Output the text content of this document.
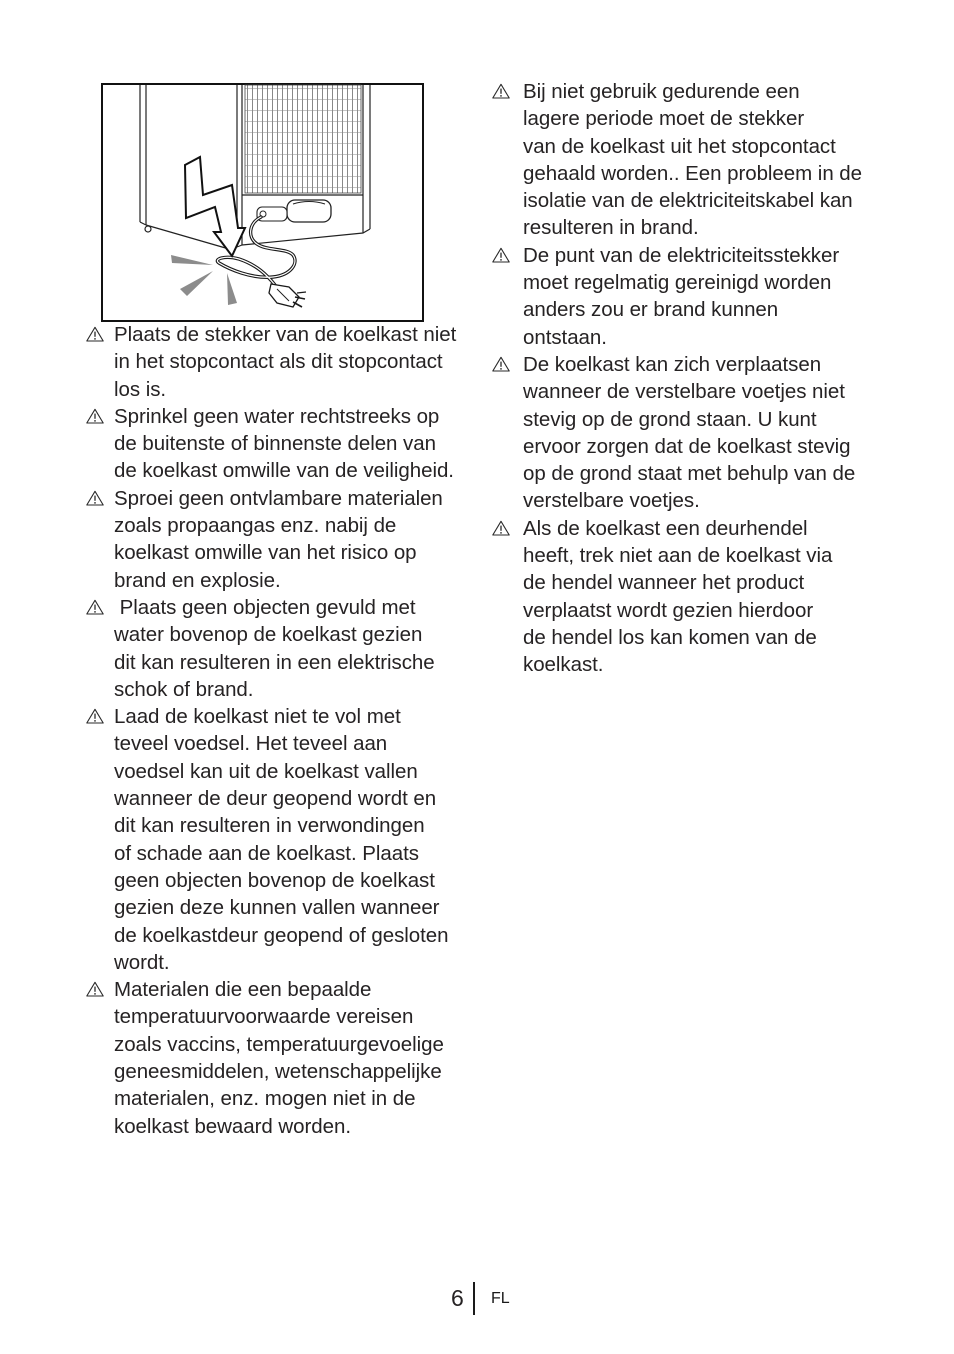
Plaats de stekker van de koelkast niet
in het stopcontact als dit stopcontact
los is.
Sprinkel geen water rechtstreeks op
de buitenste of binnenste delen van
de koelkast omwille van de veiligheid.
Sproei geen ontvlambare materialen
zoals propaangas enz. nabij de
koelkast omwille van het risico op
brand en explosie.
Plaats geen objecten gevuld met
water bovenop de koelkast gezien
dit kan resulteren in een elektrische
schok of brand.
Laad de koelkast niet te vol met
teveel voedsel. Het teveel aan
voedsel kan uit de koelkast vallen
wanneer de deur geopend wordt en
dit kan resulteren in verwondingen
of schade aan de koelkast. Plaats
geen objecten bovenop de koelkast
gezien deze kunnen vallen wanneer
de koelkastdeur geopend of gesloten
wordt.
Materialen die een bepaalde
temperatuurvoorwaarde vereisen
zoals vaccins, temperatuurgevoelige
geneesmiddelen, wetenschappelijke
materialen, enz. mogen niet in de
koelkast bewaard worden.
Bij niet gebruik gedurende een
lagere periode moet de stekker
van de koelkast uit het stopcontact
gehaald worden.. Een probleem in de
isolatie van de elektriciteitskabel kan
resulteren in brand.
De punt van de elektriciteitsstekker
moet regelmatig gereinigd worden
anders zou er brand kunnen
ontstaan.
De koelkast kan zich verplaatsen
wanneer de verstelbare voetjes niet
stevig op de grond staan. U kunt
ervoor zorgen dat de koelkast stevig
op de grond staat met behulp van de
verstelbare voetjes.
Als de koelkast een deurhendel
heeft, trek niet aan de koelkast via
de hendel wanneer het product
verplaatst wordt gezien hierdoor
de hendel los kan komen van de
koelkast.
6 FL
